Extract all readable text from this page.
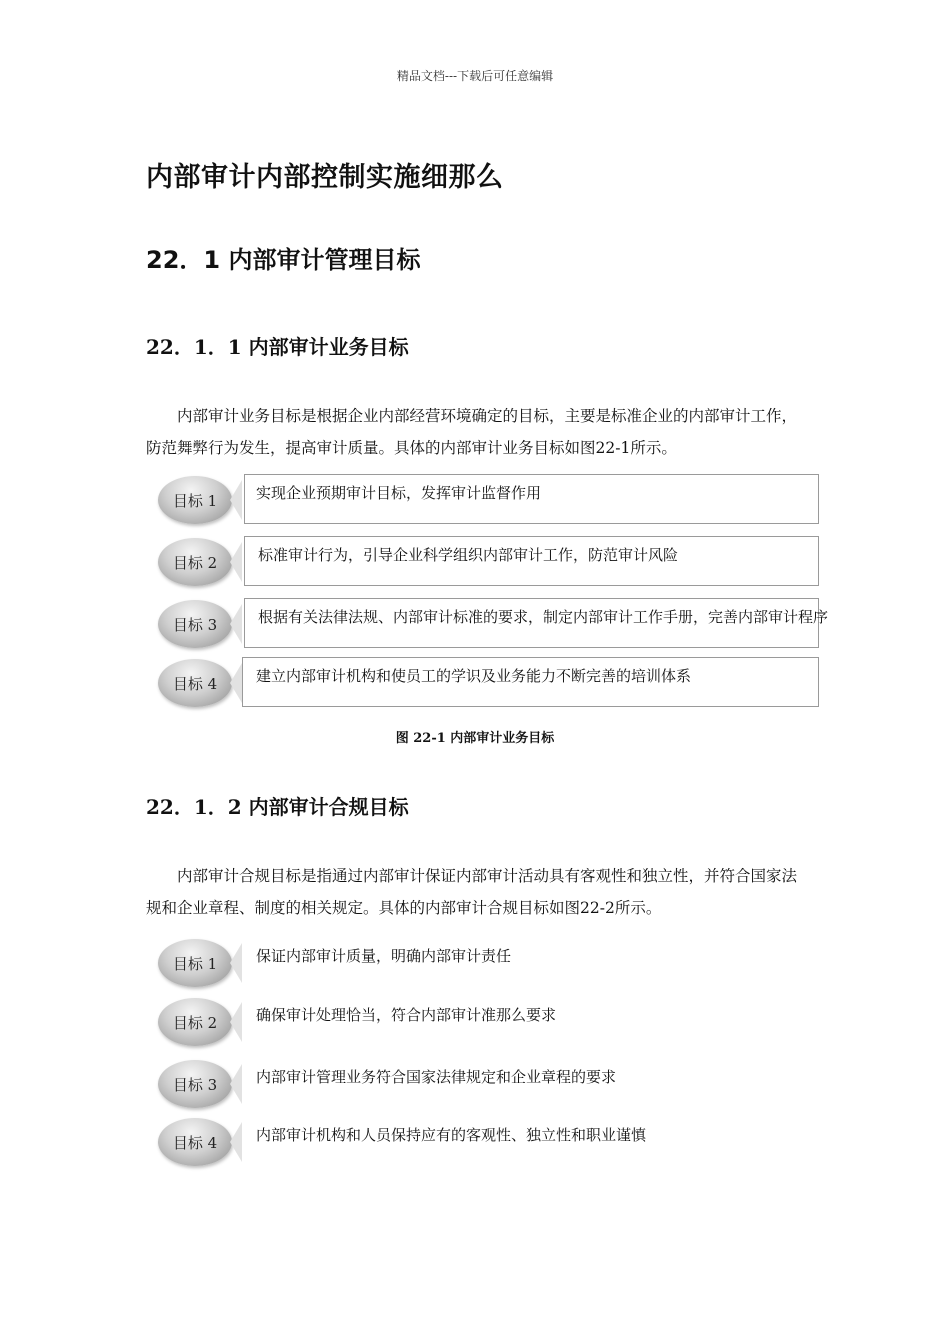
精品文档---下载后可任意编辑
内部审计内部控制实施细那么
22．1 内部审计管理目标
22．1．1 内部审计业务目标

内部审计业务目标是根据企业内部经营环境确定的目标，主要是标准企业的内部审计工作，防范舞弊行为发生，提高审计质量。具体的内部审计业务目标如图22-1所示。

目标 1	实现企业预期审计目标，发挥审计监督作用
目标 2	标准审计行为，引导企业科学组织内部审计工作，防范审计风险
目标 3	根据有关法律法规、内部审计标准的要求，制定内部审计工作手册，完善内部审计程序
目标 4	建立内部审计机构和使员工的学识及业务能力不断完善的培训体系
图 22-1 内部审计业务目标
22．1．2 内部审计合规目标

内部审计合规目标是指通过内部审计保证内部审计活动具有客观性和独立性，并符合国家法规和企业章程、制度的相关规定。具体的内部审计合规目标如图22-2所示。

目标 1	保证内部审计质量，明确内部审计责任
目标 2	确保审计处理恰当，符合内部审计准那么要求
目标 3	内部审计管理业务符合国家法律规定和企业章程的要求
目标 4	内部审计机构和人员保持应有的客观性、独立性和职业谨慎
